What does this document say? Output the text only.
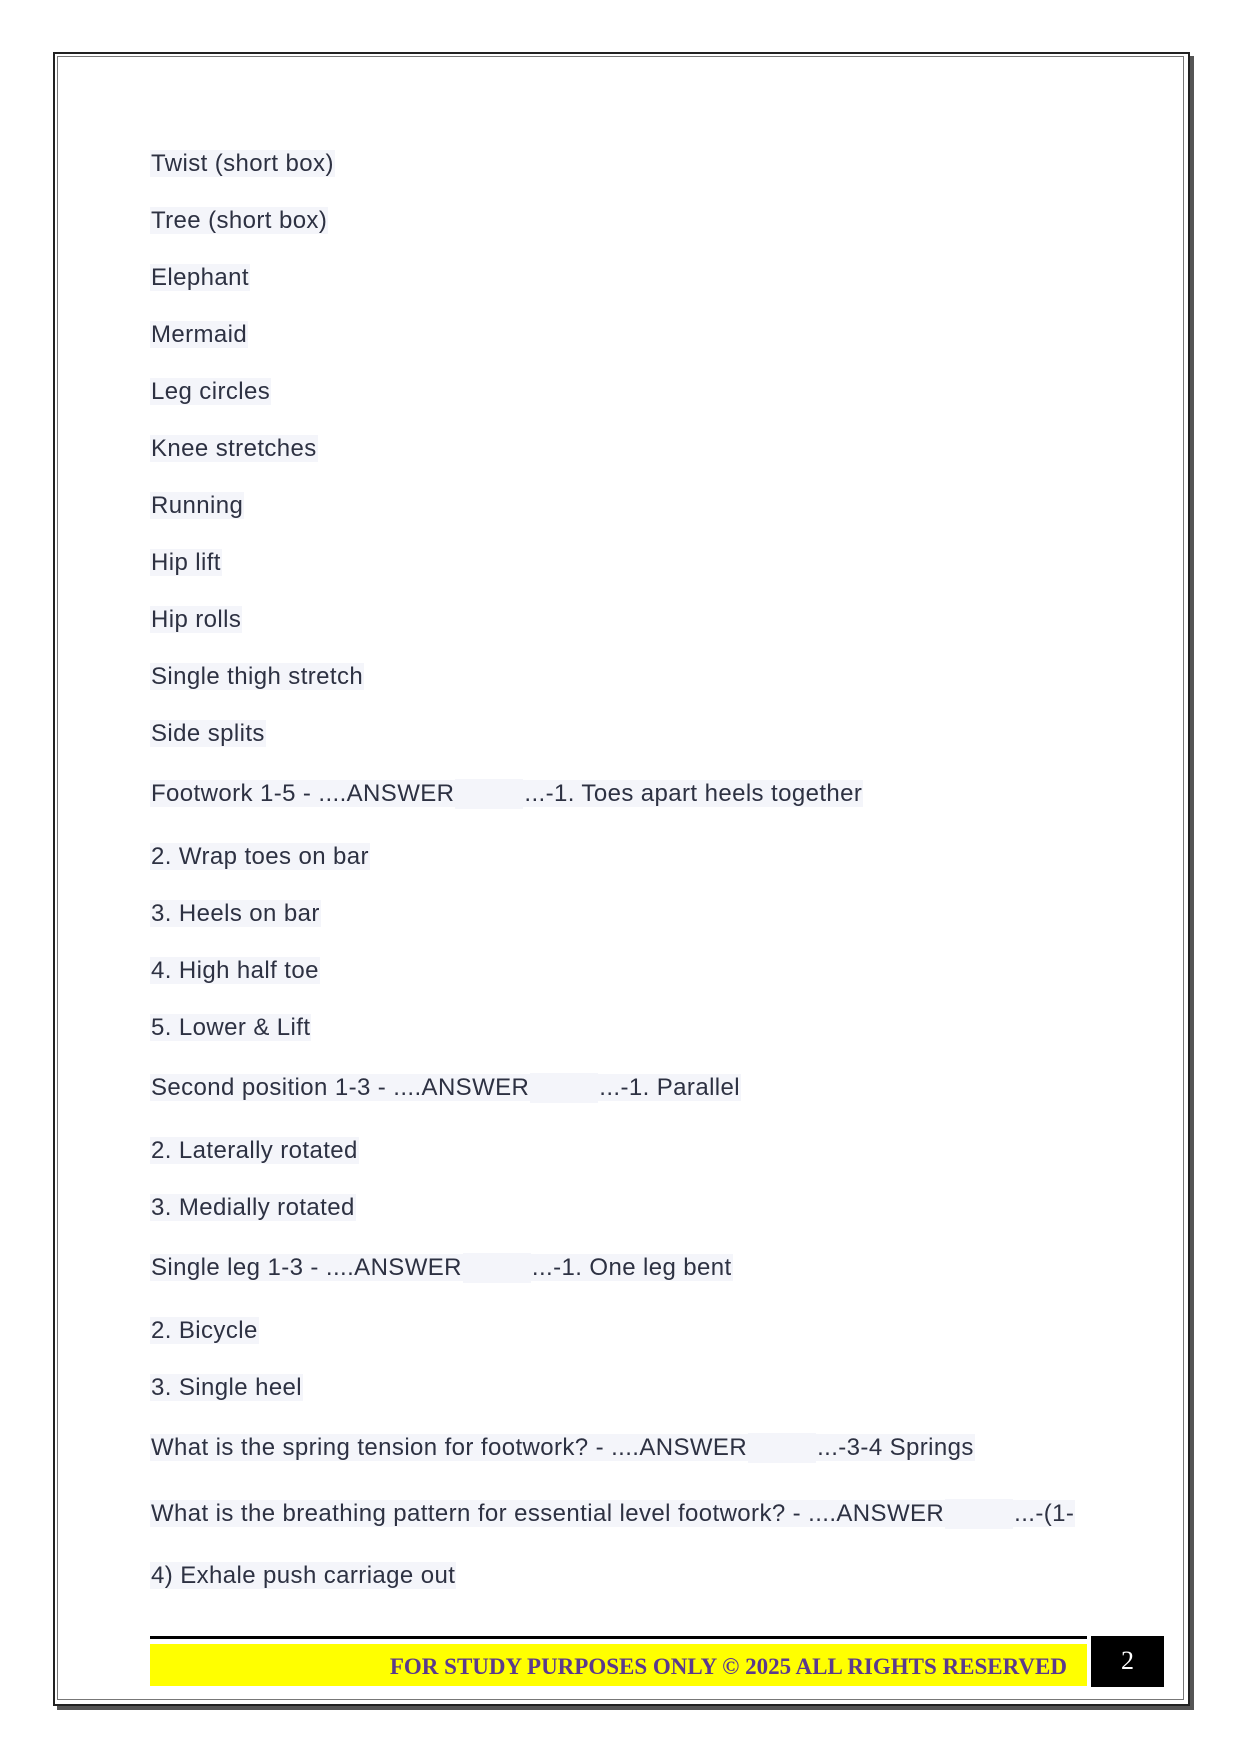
Twist (short box)
Tree (short box)
Elephant
Mermaid
Leg circles
Knee stretches
Running
Hip lift
Hip rolls
Single thigh stretch
Side splits
Footwork 1-5 - ....ANSWER	...-1. Toes apart heels together
2. Wrap toes on bar
3. Heels on bar
4. High half toe
5. Lower & Lift
Second position 1-3 - ....ANSWER	...-1. Parallel
2. Laterally rotated
3. Medially rotated
Single leg 1-3 - ....ANSWER	...-1. One leg bent
2. Bicycle
3. Single heel
What is the spring tension for footwork? - ....ANSWER	...-3-4 Springs
What is the breathing pattern for essential level footwork? - ....ANSWER	...-(1-
4) Exhale push carriage out
FOR STUDY PURPOSES ONLY © 2025 ALL RIGHTS RESERVED	2
